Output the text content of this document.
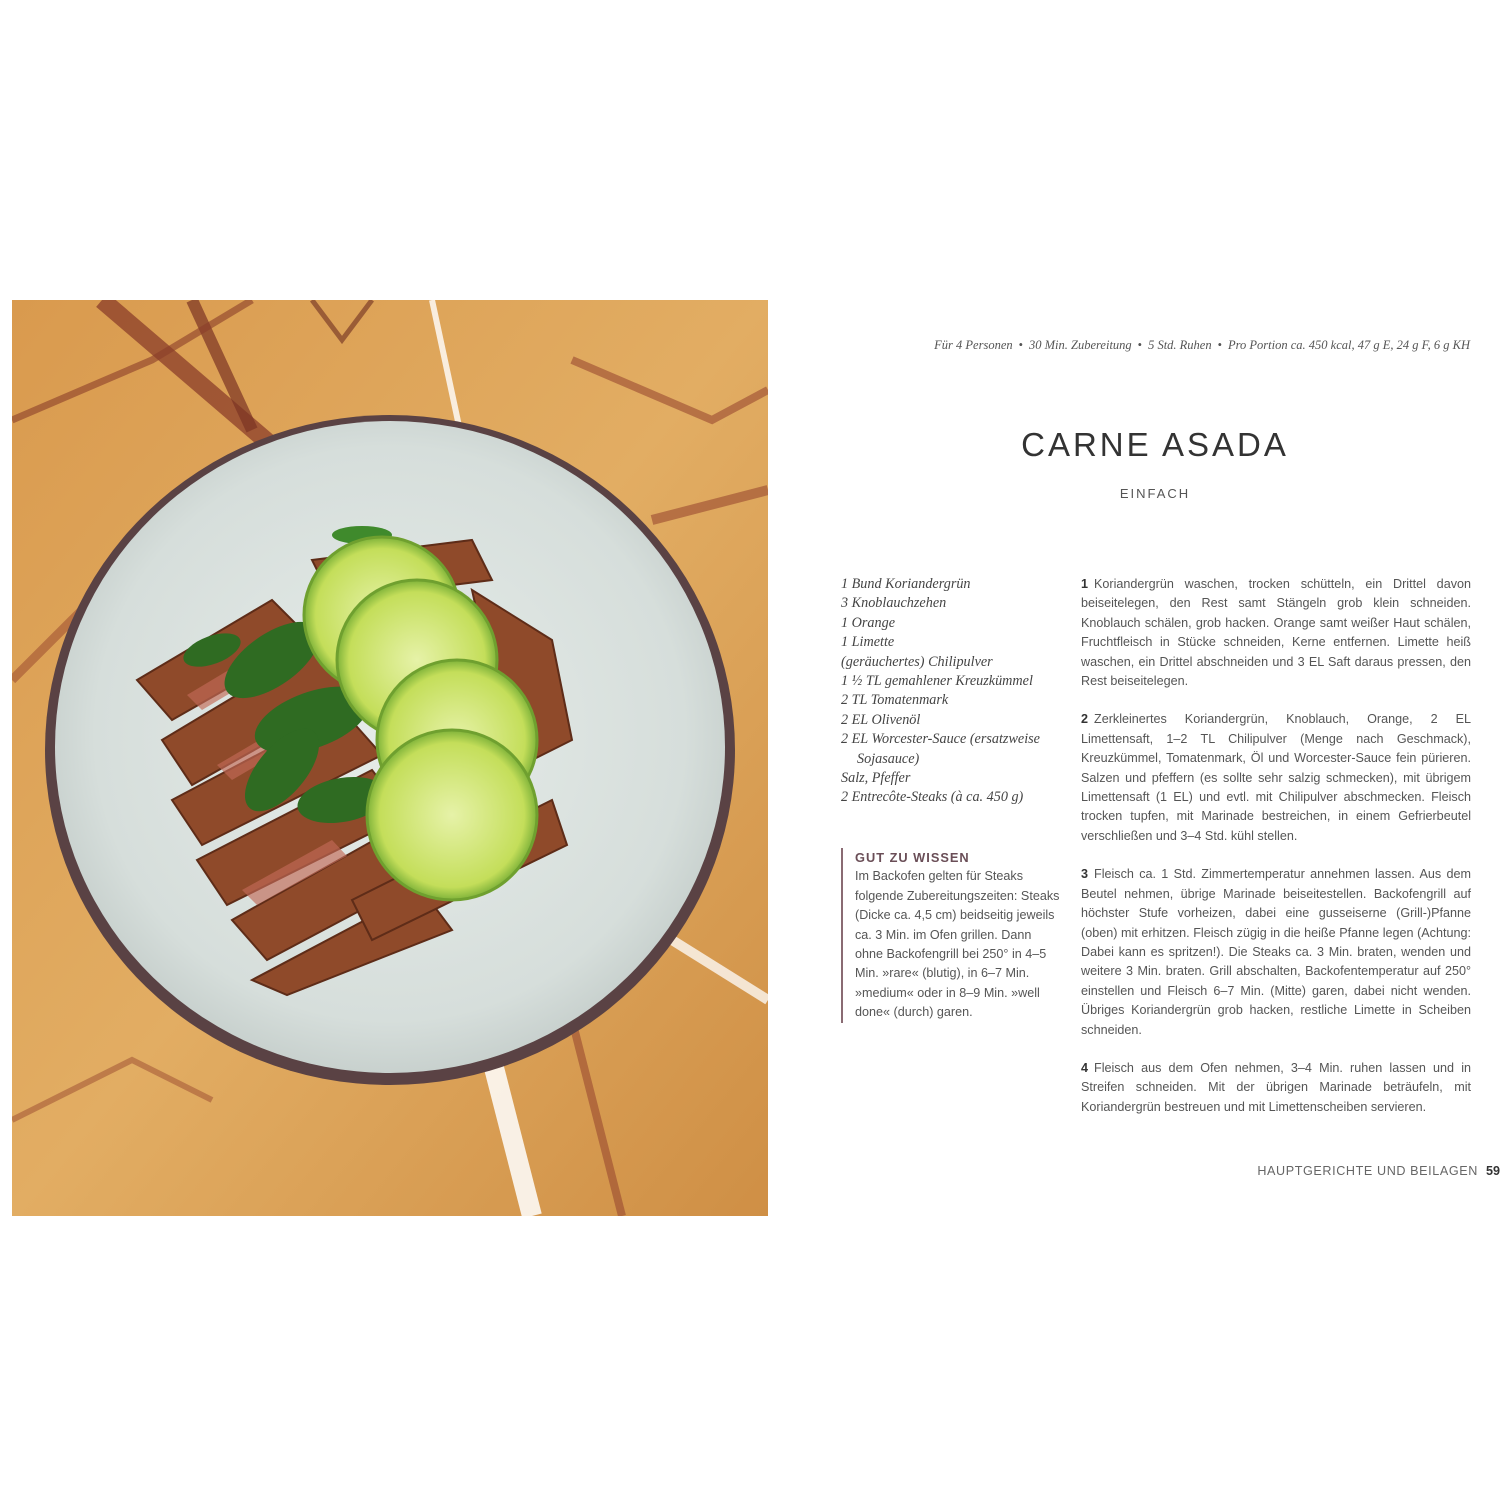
Für 4 Personen • 30 Min. Zubereitung • 5 Std. Ruhen • Pro Portion ca. 450 kcal, 47 g E, 24 g F, 6 g KH
CARNE ASADA
EINFACH
1 Bund Koriandergrün
3 Knoblauchzehen
1 Orange
1 Limette
(geräuchertes) Chilipulver
1 ½ TL gemahlener Kreuzkümmel
2 TL Tomatenmark
2 EL Olivenöl
2 EL Worcester-Sauce (ersatzweise Sojasauce)
Salz, Pfeffer
2 Entrecôte-Steaks (à ca. 450 g)
GUT ZU WISSEN
Im Backofen gelten für Steaks folgende Zubereitungszeiten: Steaks (Dicke ca. 4,5 cm) beidseitig jeweils ca. 3 Min. im Ofen grillen. Dann ohne Backofengrill bei 250° in 4–5 Min. »rare« (blutig), in 6–7 Min. »medium« oder in 8–9 Min. »well done« (durch) garen.
1 Koriandergrün waschen, trocken schütteln, ein Drittel davon beiseitelegen, den Rest samt Stängeln grob klein schneiden. Knoblauch schälen, grob hacken. Orange samt weißer Haut schälen, Fruchtfleisch in Stücke schneiden, Kerne entfernen. Limette heiß waschen, ein Drittel abschneiden und 3 EL Saft daraus pressen, den Rest beiseitelegen.
2 Zerkleinertes Koriandergrün, Knoblauch, Orange, 2 EL Limettensaft, 1–2 TL Chilipulver (Menge nach Geschmack), Kreuzkümmel, Tomatenmark, Öl und Worcester-Sauce fein pürieren. Salzen und pfeffern (es sollte sehr salzig schmecken), mit übrigem Limettensaft (1 EL) und evtl. mit Chilipulver abschmecken. Fleisch trocken tupfen, mit Marinade bestreichen, in einem Gefrierbeutel verschließen und 3–4 Std. kühl stellen.
3 Fleisch ca. 1 Std. Zimmertemperatur annehmen lassen. Aus dem Beutel nehmen, übrige Marinade beiseitestellen. Backofengrill auf höchster Stufe vorheizen, dabei eine gusseiserne (Grill-)Pfanne (oben) mit erhitzen. Fleisch zügig in die heiße Pfanne legen (Achtung: Dabei kann es spritzen!). Die Steaks ca. 3 Min. braten, wenden und weitere 3 Min. braten. Grill abschalten, Backofentemperatur auf 250° einstellen und Fleisch 6–7 Min. (Mitte) garen, dabei nicht wenden. Übriges Koriandergrün grob hacken, restliche Limette in Scheiben schneiden.
4 Fleisch aus dem Ofen nehmen, 3–4 Min. ruhen lassen und in Streifen schneiden. Mit der übrigen Marinade beträufeln, mit Koriandergrün bestreuen und mit Limettenscheiben servieren.
HAUPTGERICHTE UND BEILAGEN 59
